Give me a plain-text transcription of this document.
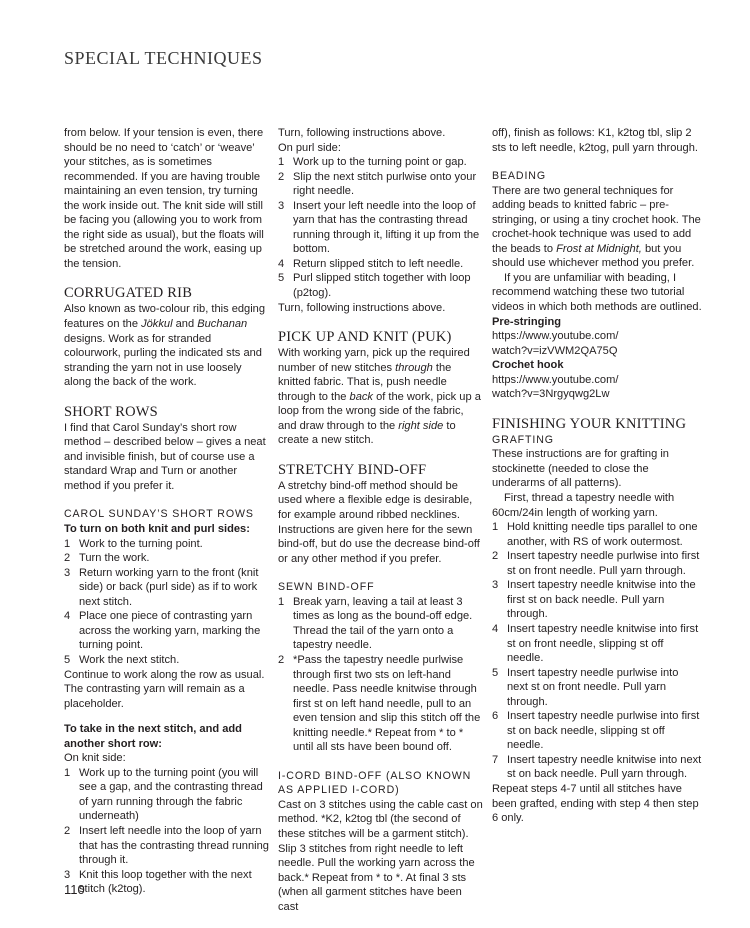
SPECIAL TECHNIQUES

from below. If your tension is even, there should be no need to ‘catch’ or ‘weave’ your stitches, as is sometimes recommended. If you are having trouble maintaining an even tension, try turning the work inside out. The knit side will still be facing you (allowing you to work from the right side as usual), but the floats will be stretched around the work, easing up the tension.

CORRUGATED RIB

Also known as two-colour rib, this edging features on the Jökkul and Buchanan designs. Work as for stranded colourwork, purling the indicated sts and stranding the yarn not in use loosely along the back of the work.

SHORT ROWS

I find that Carol Sunday’s short row method – described below – gives a neat and invisible finish, but of course use a standard Wrap and Turn or another method if you prefer it.

CAROL SUNDAY’S SHORT ROWS
To turn on both knit and purl sides:
1 Work to the turning point.
2 Turn the work.
3 Return working yarn to the front (knit side) or back (purl side) as if to work next stitch.
4 Place one piece of contrasting yarn across the working yarn, marking the turning point.
5 Work the next stitch.

Continue to work along the row as usual. The contrasting yarn will remain as a placeholder.

To take in the next stitch, and add another short row:

On knit side:

1 Work up to the turning point (you will see a gap, and the contrasting thread of yarn running through the fabric underneath)
2 Insert left needle into the loop of yarn that has the contrasting thread running through it.
3 Knit this loop together with the next stitch (k2tog).

Turn, following instructions above.

On purl side:

1 Work up to the turning point or gap.
2 Slip the next stitch purlwise onto your right needle.
3 Insert your left needle into the loop of yarn that has the contrasting thread running through it, lifting it up from the bottom.
4 Return slipped stitch to left needle.
5 Purl slipped stitch together with loop (p2tog).

Turn, following instructions above.

PICK UP AND KNIT (PUK)

With working yarn, pick up the required number of new stitches through the knitted fabric. That is, push needle through to the back of the work, pick up a loop from the wrong side of the fabric, and draw through to the right side to create a new stitch.

STRETCHY BIND-OFF

A stretchy bind-off method should be used where a flexible edge is desirable, for example around ribbed necklines. Instructions are given here for the sewn bind-off, but do use the decrease bind-off or any other method if you prefer.

SEWN BIND-OFF
1 Break yarn, leaving a tail at least 3 times as long as the bound-off edge. Thread the tail of the yarn onto a tapestry needle.
2 *Pass the tapestry needle purlwise through first two sts on left-hand needle. Pass needle knitwise through first st on left hand needle, pull to an even tension and slip this stitch off the knitting needle.* Repeat from * to * until all sts have been bound off.
I-CORD BIND-OFF (ALSO KNOWN AS APPLIED I-CORD)

Cast on 3 stitches using the cable cast on method. *K2, k2tog tbl (the second of these stitches will be a garment stitch). Slip 3 stitches from right needle to left needle. Pull the working yarn across the back.* Repeat from * to *. At final 3 sts (when all garment stitches have been cast

off), finish as follows: K1, k2tog tbl, slip 2 sts to left needle, k2tog, pull yarn through.

BEADING

There are two general techniques for adding beads to knitted fabric – pre-stringing, or using a tiny crochet hook. The crochet-hook technique was used to add the beads to Frost at Midnight, but you should use whichever method you prefer.

If you are unfamiliar with beading, I recommend watching these two tutorial videos in which both methods are outlined.

Pre-stringing

https://www.youtube.com/
watch?v=izVWM2QA75Q

Crochet hook

https://www.youtube.com/
watch?v=3Nrgyqwg2Lw

FINISHING YOUR KNITTING
GRAFTING

These instructions are for grafting in stockinette (needed to close the underarms of all patterns).

First, thread a tapestry needle with 60cm/24in length of working yarn.

1 Hold knitting needle tips parallel to one another, with RS of work outermost.
2 Insert tapestry needle purlwise into first st on front needle. Pull yarn through.
3 Insert tapestry needle knitwise into the first st on back needle. Pull yarn through.
4 Insert tapestry needle knitwise into first st on front needle, slipping st off needle.
5 Insert tapestry needle purlwise into next st on front needle. Pull yarn through.
6 Insert tapestry needle purlwise into first st on back needle, slipping st off needle.
7 Insert tapestry needle knitwise into next st on back needle. Pull yarn through.

Repeat steps 4-7 until all stitches have been grafted, ending with step 4 then step 6 only.

110
